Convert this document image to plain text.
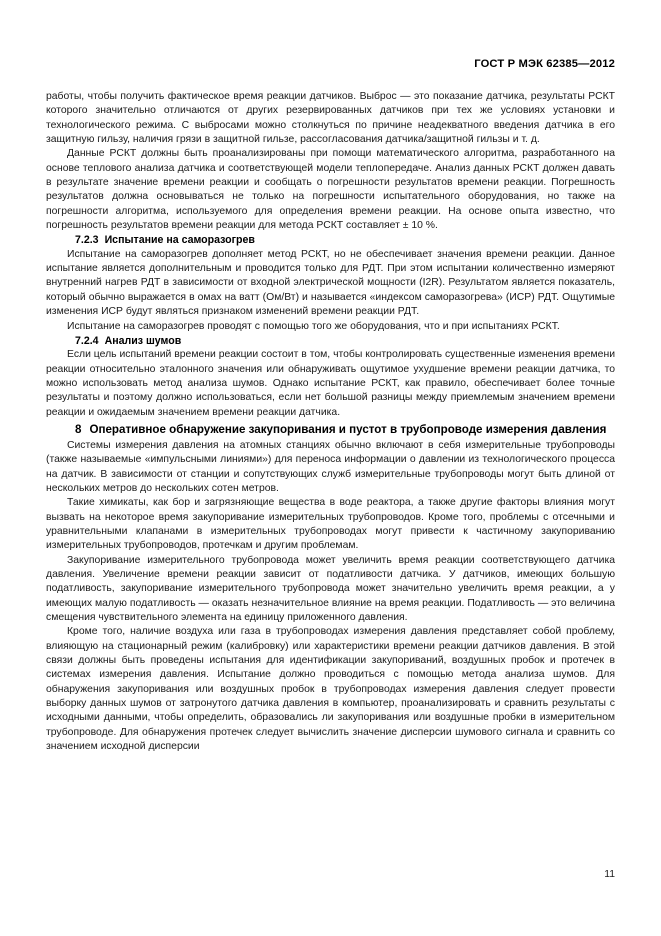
ГОСТ Р МЭК 62385—2012

работы, чтобы получить фактическое время реакции датчиков. Выброс — это показание датчика, результаты РСКТ которого значительно отличаются от других резервированных датчиков при тех же условиях установки и технологического режима. С выбросами можно столкнуться по причине неадекватного введения датчика в его защитную гильзу, наличия грязи в защитной гильзе, рассогласования датчика/защитной гильзы и т. д.

Данные РСКТ должны быть проанализированы при помощи математического алгоритма, разработанного на основе теплового анализа датчика и соответствующей модели теплопередаче. Анализ данных РСКТ должен давать в результате значение времени реакции и сообщать о погрешности результатов времени реакции. Погрешность результатов должна основываться не только на погрешности испытательного оборудования, но также на погрешности алгоритма, используемого для определения времени реакции. На основе опыта известно, что погрешность результатов времени реакции для метода РСКТ составляет ± 10 %.

7.2.3 Испытание на саморазогрев

Испытание на саморазогрев дополняет метод РСКТ, но не обеспечивает значения времени реакции. Данное испытание является дополнительным и проводится только для РДТ. При этом испытании количественно измеряют внутренний нагрев РДТ в зависимости от входной электрической мощности (I2R). Результатом является показатель, который обычно выражается в омах на ватт (Ом/Вт) и называется «индексом саморазогрева» (ИСР) РДТ. Ощутимые изменения ИСР будут являться признаком изменений времени реакции РДТ.

Испытание на саморазогрев проводят с помощью того же оборудования, что и при испытаниях РСКТ.

7.2.4 Анализ шумов

Если цель испытаний времени реакции состоит в том, чтобы контролировать существенные изменения времени реакции относительно эталонного значения или обнаруживать ощутимое ухудшение времени реакции датчика, то можно использовать метод анализа шумов. Однако испытание РСКТ, как правило, обеспечивает более точные результаты и поэтому должно использоваться, если нет большой разницы между приемлемым значением времени реакции и ожидаемым значением времени реакции датчика.

8 Оперативное обнаружение закупоривания и пустот в трубопроводе измерения давления

Системы измерения давления на атомных станциях обычно включают в себя измерительные трубопроводы (также называемые «импульсными линиями») для переноса информации о давлении из технологического процесса на датчик. В зависимости от станции и сопутствующих служб измерительные трубопроводы могут быть длиной от нескольких метров до нескольких сотен метров.

Такие химикаты, как бор и загрязняющие вещества в воде реактора, а также другие факторы влияния могут вызвать на некоторое время закупоривание измерительных трубопроводов. Кроме того, проблемы с отсечными и уравнительными клапанами в измерительных трубопроводах могут привести к частичному закупориванию измерительных трубопроводов, протечкам и другим проблемам.

Закупоривание измерительного трубопровода может увеличить время реакции соответствующего датчика давления. Увеличение времени реакции зависит от податливости датчика. У датчиков, имеющих большую податливость, закупоривание измерительного трубопровода может значительно увеличить время реакции, а у имеющих малую податливость — оказать незначительное влияние на время реакции. Податливость — это величина смещения чувствительного элемента на единицу приложенного давления.

Кроме того, наличие воздуха или газа в трубопроводах измерения давления представляет собой проблему, влияющую на стационарный режим (калибровку) или характеристики времени реакции датчиков давления. В этой связи должны быть проведены испытания для идентификации закупориваний, воздушных пробок и протечек в системах измерения давления. Испытание должно проводиться с помощью метода анализа шумов. Для обнаружения закупоривания или воздушных пробок в трубопроводах измерения давления следует провести выборку данных шумов от затронутого датчика давления в компьютер, проанализировать и сравнить результаты с исходными данными, чтобы определить, образовались ли закупоривания или воздушные пробки в измерительном трубопроводе. Для обнаружения протечек следует вычислить значение дисперсии шумового сигнала и сравнить со значением исходной дисперсии

11
